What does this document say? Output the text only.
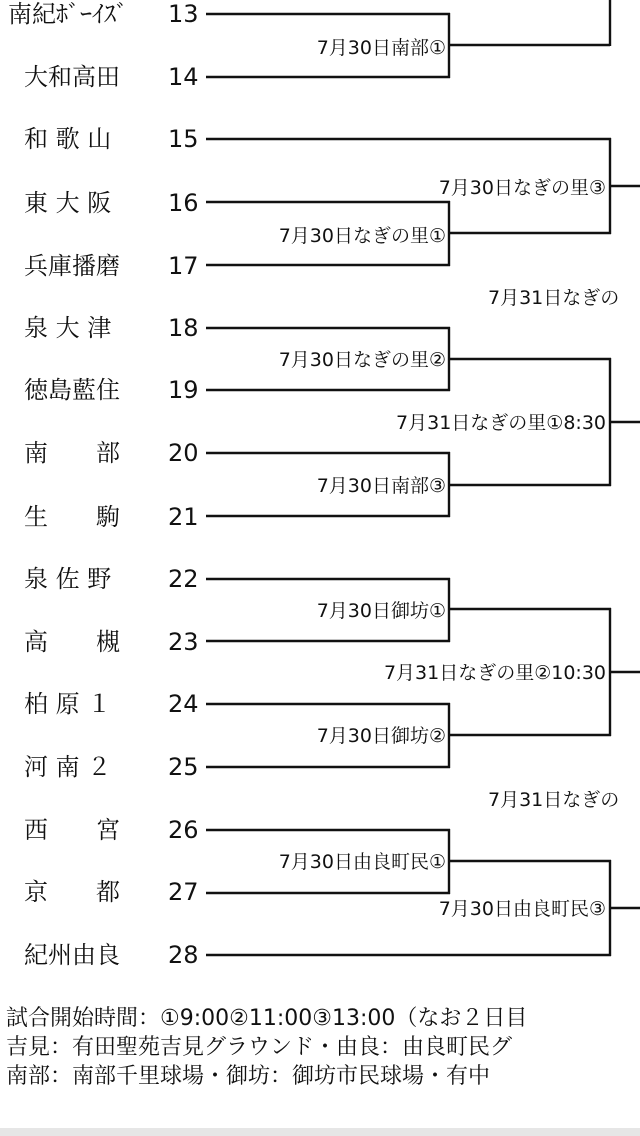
南紀ﾎﾞｰｲｽﾞ
大和高田
和 歌 山
東 大 阪
兵庫播磨
泉 大 津
徳島藍住
南　　部
生　　駒
泉 佐 野
高　　槻
柏 原 １
河 南 ２
西　　宮
京　　都
紀州由良
13
14
15
16
17
18
19
20
21
22
23
24
25
26
27
28
7月30日南部①
7月30日なぎの里③
7月30日なぎの里①
7月31日なぎの
7月30日なぎの里②
7月31日なぎの里①8:30
7月30日南部③
7月30日御坊①
7月31日なぎの里②10:30
7月30日御坊②
7月31日なぎの
7月30日由良町民①
7月30日由良町民③
試合開始時間：①9:00②11:00③13:00（なお２日目
吉見：有田聖苑吉見グラウンド・由良：由良町民グ
南部：南部千里球場・御坊：御坊市民球場・有中
